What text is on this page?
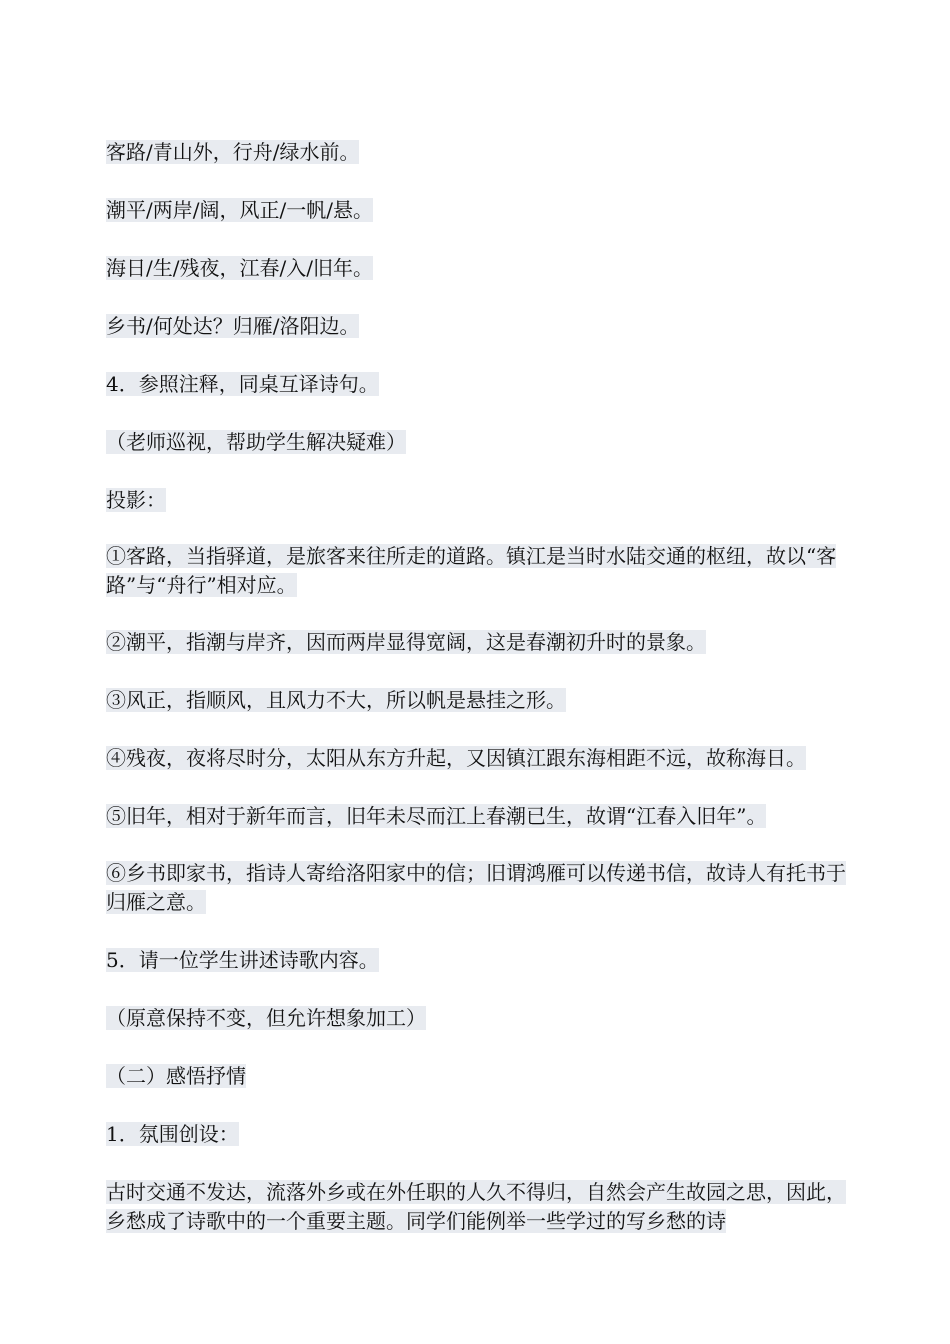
客路/青山外，行舟/绿水前。

潮平/两岸/阔，风正/一帆/悬。

海日/生/残夜，江春/入/旧年。

乡书/何处达？归雁/洛阳边。

4．参照注释，同桌互译诗句。

（老师巡视，帮助学生解决疑难）

投影：

①客路，当指驿道，是旅客来往所走的道路。镇江是当时水陆交通的枢纽，故以“客路”与“舟行”相对应。

②潮平，指潮与岸齐，因而两岸显得宽阔，这是春潮初升时的景象。

③风正，指顺风，且风力不大，所以帆是悬挂之形。

④残夜，夜将尽时分，太阳从东方升起，又因镇江跟东海相距不远，故称海日。

⑤旧年，相对于新年而言，旧年未尽而江上春潮已生，故谓“江春入旧年”。

⑥乡书即家书，指诗人寄给洛阳家中的信；旧谓鸿雁可以传递书信，故诗人有托书于归雁之意。

5．请一位学生讲述诗歌内容。

（原意保持不变，但允许想象加工）

（二）感悟抒情

1．氛围创设：

古时交通不发达，流落外乡或在外任职的人久不得归，自然会产生故园之思，因此，乡愁成了诗歌中的一个重要主题。同学们能例举一些学过的写乡愁的诗
